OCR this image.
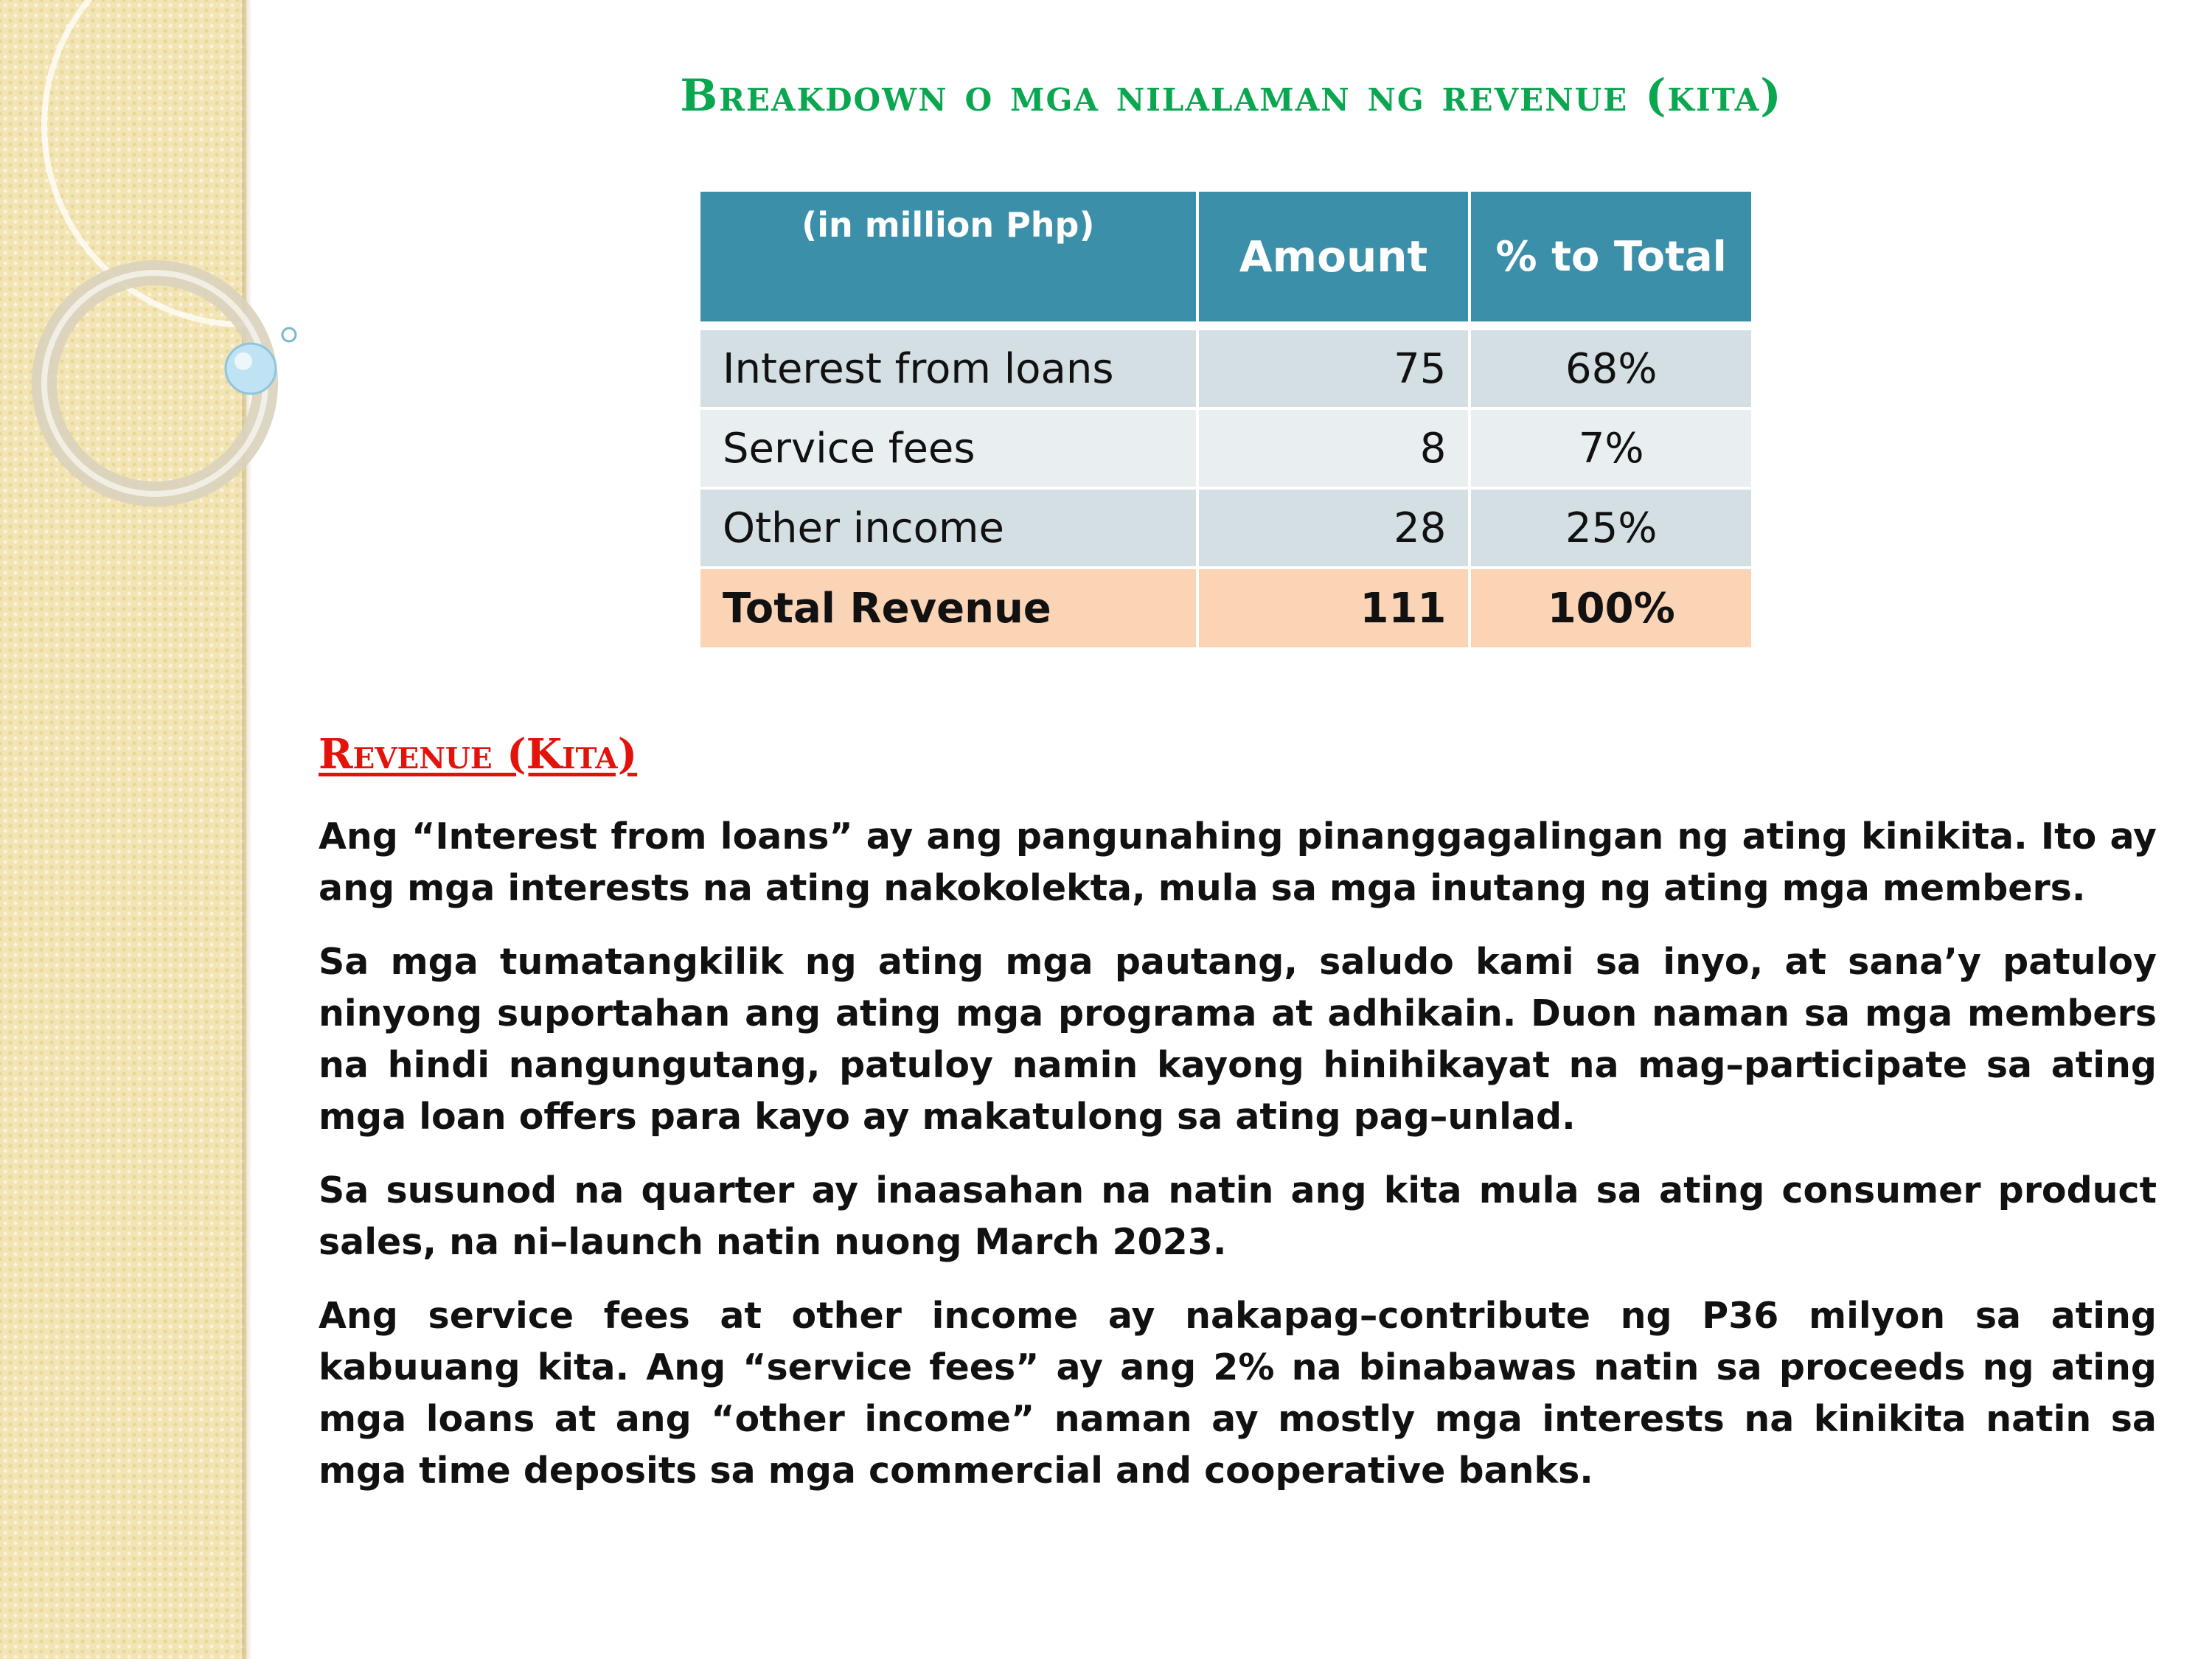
Breakdown o mga nilalaman ng revenue (kita)
(in million Php)	Amount	% to Total
Interest from loans	75	68%
Service fees	8	7%
Other income	28	25%
Total Revenue	111	100%
Revenue (Kita)

Ang “Interest from loans” ay ang pangunahing pinanggagalingan ng ating kinikita. Ito ay ang mga interests na ating nakokolekta, mula sa mga inutang ng ating mga members.

Sa mga tumatangkilik ng ating mga pautang, saludo kami sa inyo, at sana’y patuloy ninyong suportahan ang ating mga programa at adhikain. Duon naman sa mga members na hindi nangungutang, patuloy namin kayong hinihikayat na mag–participate sa ating mga loan offers para kayo ay makatulong sa ating pag–unlad.

Sa susunod na quarter ay inaasahan na natin ang kita mula sa ating consumer product sales, na ni–launch natin nuong March 2023.

Ang service fees at other income ay nakapag–contribute ng P36 milyon sa ating kabuuang kita. Ang “service fees” ay ang 2% na binabawas natin sa proceeds ng ating mga loans at ang “other income” naman ay mostly mga interests na kinikita natin sa mga time deposits sa mga commercial and cooperative banks.
